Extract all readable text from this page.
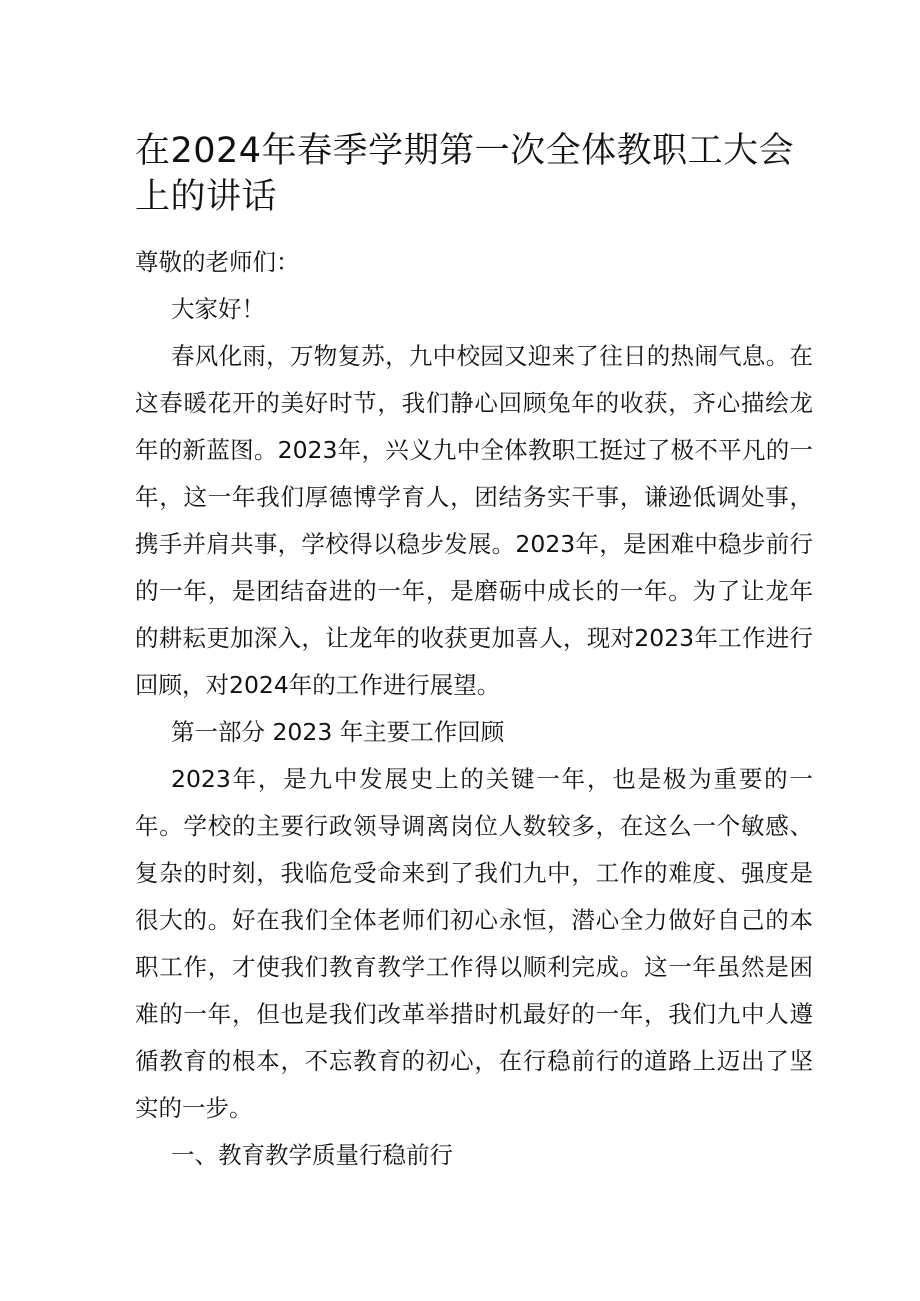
在2024年春季学期第一次全体教职工大会上的讲话

尊敬的老师们：

大家好！

春风化雨，万物复苏，九中校园又迎来了往日的热闹气息。在这春暖花开的美好时节，我们静心回顾兔年的收获，齐心描绘龙年的新蓝图。2023年，兴义九中全体教职工挺过了极不平凡的一年，这一年我们厚德博学育人，团结务实干事，谦逊低调处事，携手并肩共事，学校得以稳步发展。2023年，是困难中稳步前行的一年，是团结奋进的一年，是磨砺中成长的一年。为了让龙年的耕耘更加深入，让龙年的收获更加喜人，现对2023年工作进行回顾，对2024年的工作进行展望。

第一部分 2023 年主要工作回顾

2023年，是九中发展史上的关键一年，也是极为重要的一年。学校的主要行政领导调离岗位人数较多，在这么一个敏感、复杂的时刻，我临危受命来到了我们九中，工作的难度、强度是很大的。好在我们全体老师们初心永恒，潜心全力做好自己的本职工作，才使我们教育教学工作得以顺利完成。这一年虽然是困难的一年，但也是我们改革举措时机最好的一年，我们九中人遵循教育的根本，不忘教育的初心，在行稳前行的道路上迈出了坚实的一步。

一、教育教学质量行稳前行
